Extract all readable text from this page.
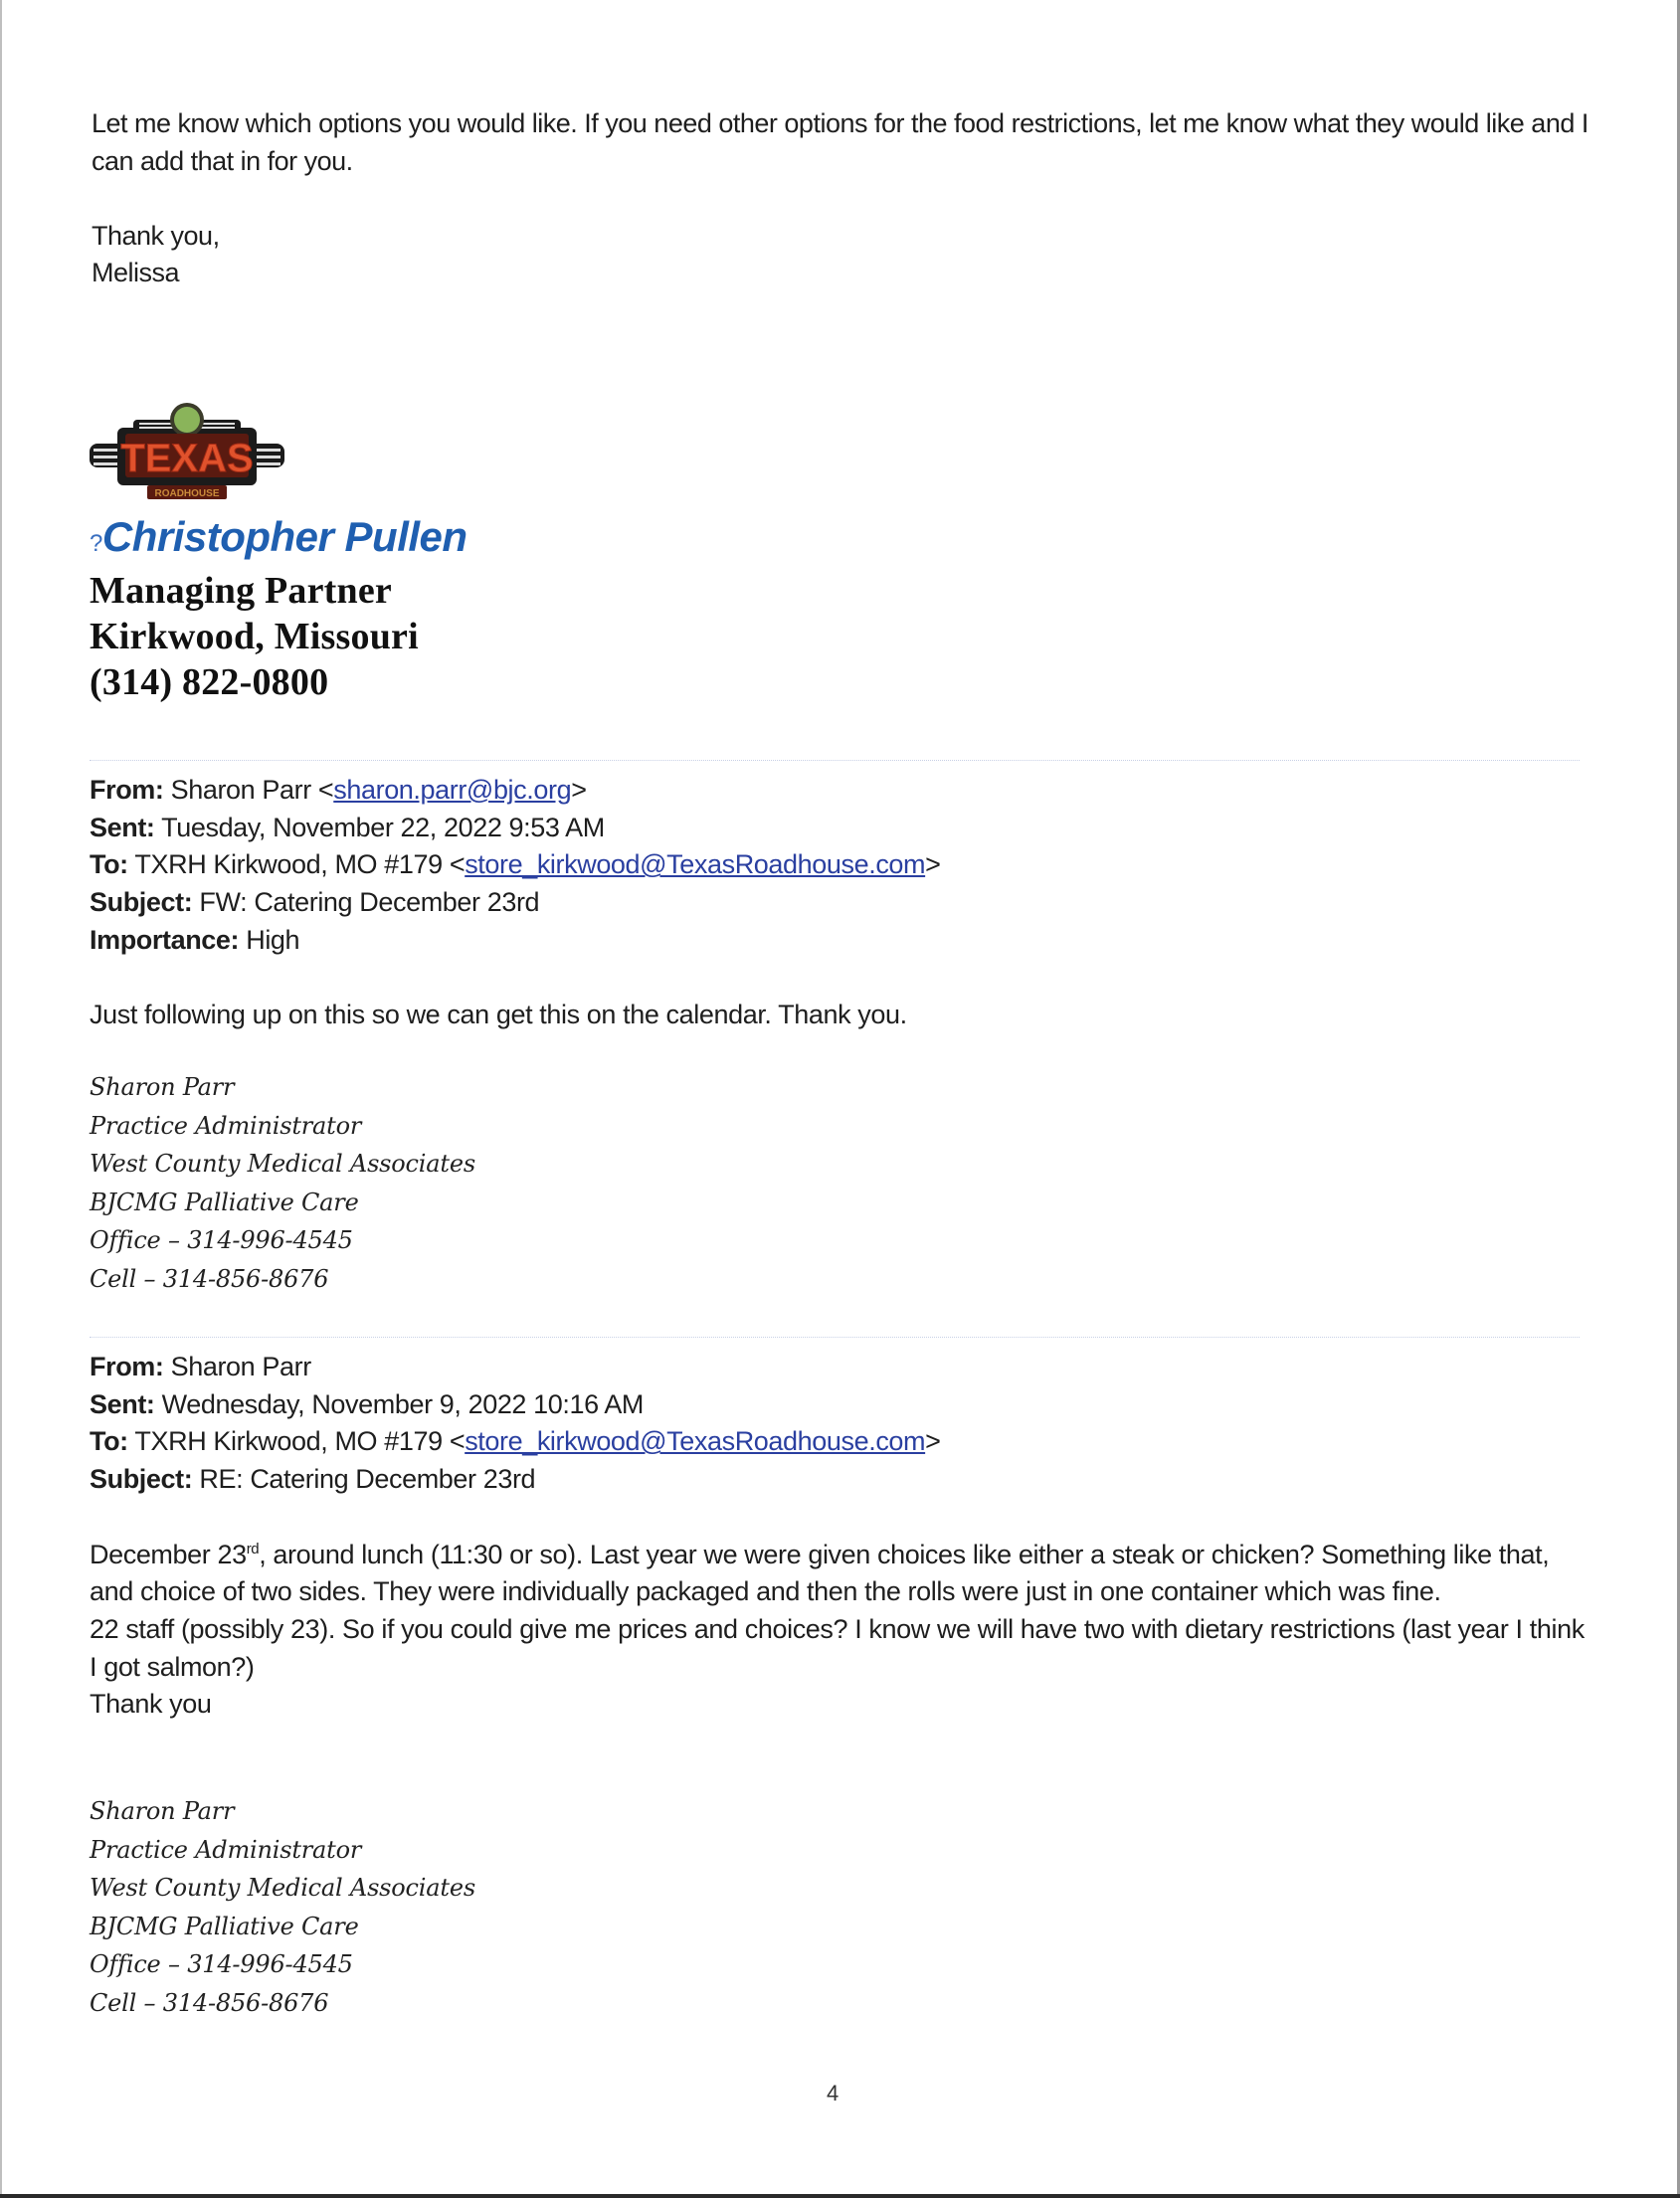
Let me know which options you would like. If you need other options for the food restrictions, let me know what they would like and I can add that in for you.

Thank you,

Melissa

TEXAS
ROADHOUSE
?Christopher Pullen
Managing Partner
Kirkwood, Missouri
(314) 822-0800
From: Sharon Parr <sharon.parr@bjc.org>
Sent: Tuesday, November 22, 2022 9:53 AM
To: TXRH Kirkwood, MO #179 <store_kirkwood@TexasRoadhouse.com>
Subject: FW: Catering December 23rd
Importance: High
Just following up on this so we can get this on the calendar. Thank you.
Sharon Parr
Practice Administrator
West County Medical Associates
BJCMG Palliative Care
Office – 314-996-4545
Cell – 314-856-8676
From: Sharon Parr
Sent: Wednesday, November 9, 2022 10:16 AM
To: TXRH Kirkwood, MO #179 <store_kirkwood@TexasRoadhouse.com>
Subject: RE: Catering December 23rd
December 23rd, around lunch (11:30 or so). Last year we were given choices like either a steak or chicken? Something like that, and choice of two sides. They were individually packaged and then the rolls were just in one container which was fine.
22 staff (possibly 23). So if you could give me prices and choices? I know we will have two with dietary restrictions (last year I think I got salmon?)
Thank you
Sharon Parr
Practice Administrator
West County Medical Associates
BJCMG Palliative Care
Office – 314-996-4545
Cell – 314-856-8676
4
